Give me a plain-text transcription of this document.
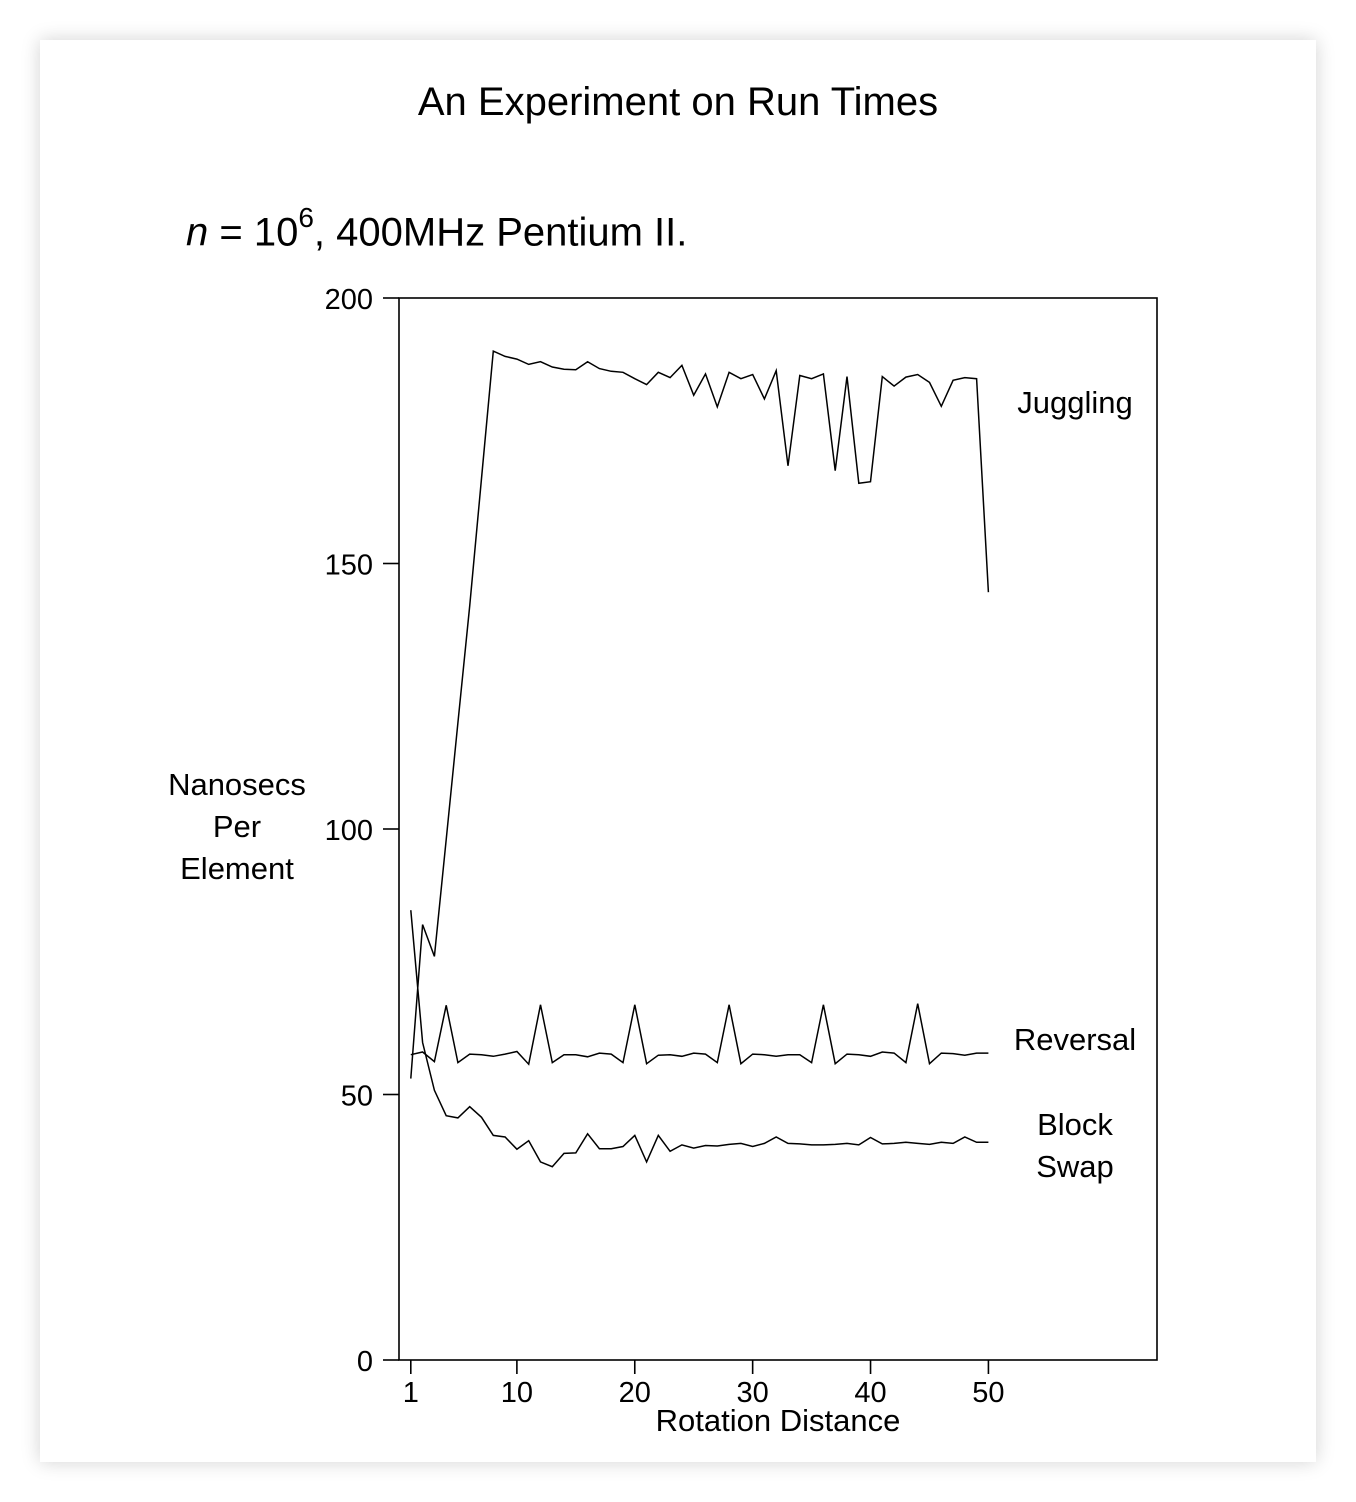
An Experiment on Run Times
$n = 10^6$, 400MHz Pentium II.
Nanosecs
Per
Element
0
50
100
150
200
1	10	20	30	40	50
Juggling
Reversal
Block
Swap
Rotation Distance
